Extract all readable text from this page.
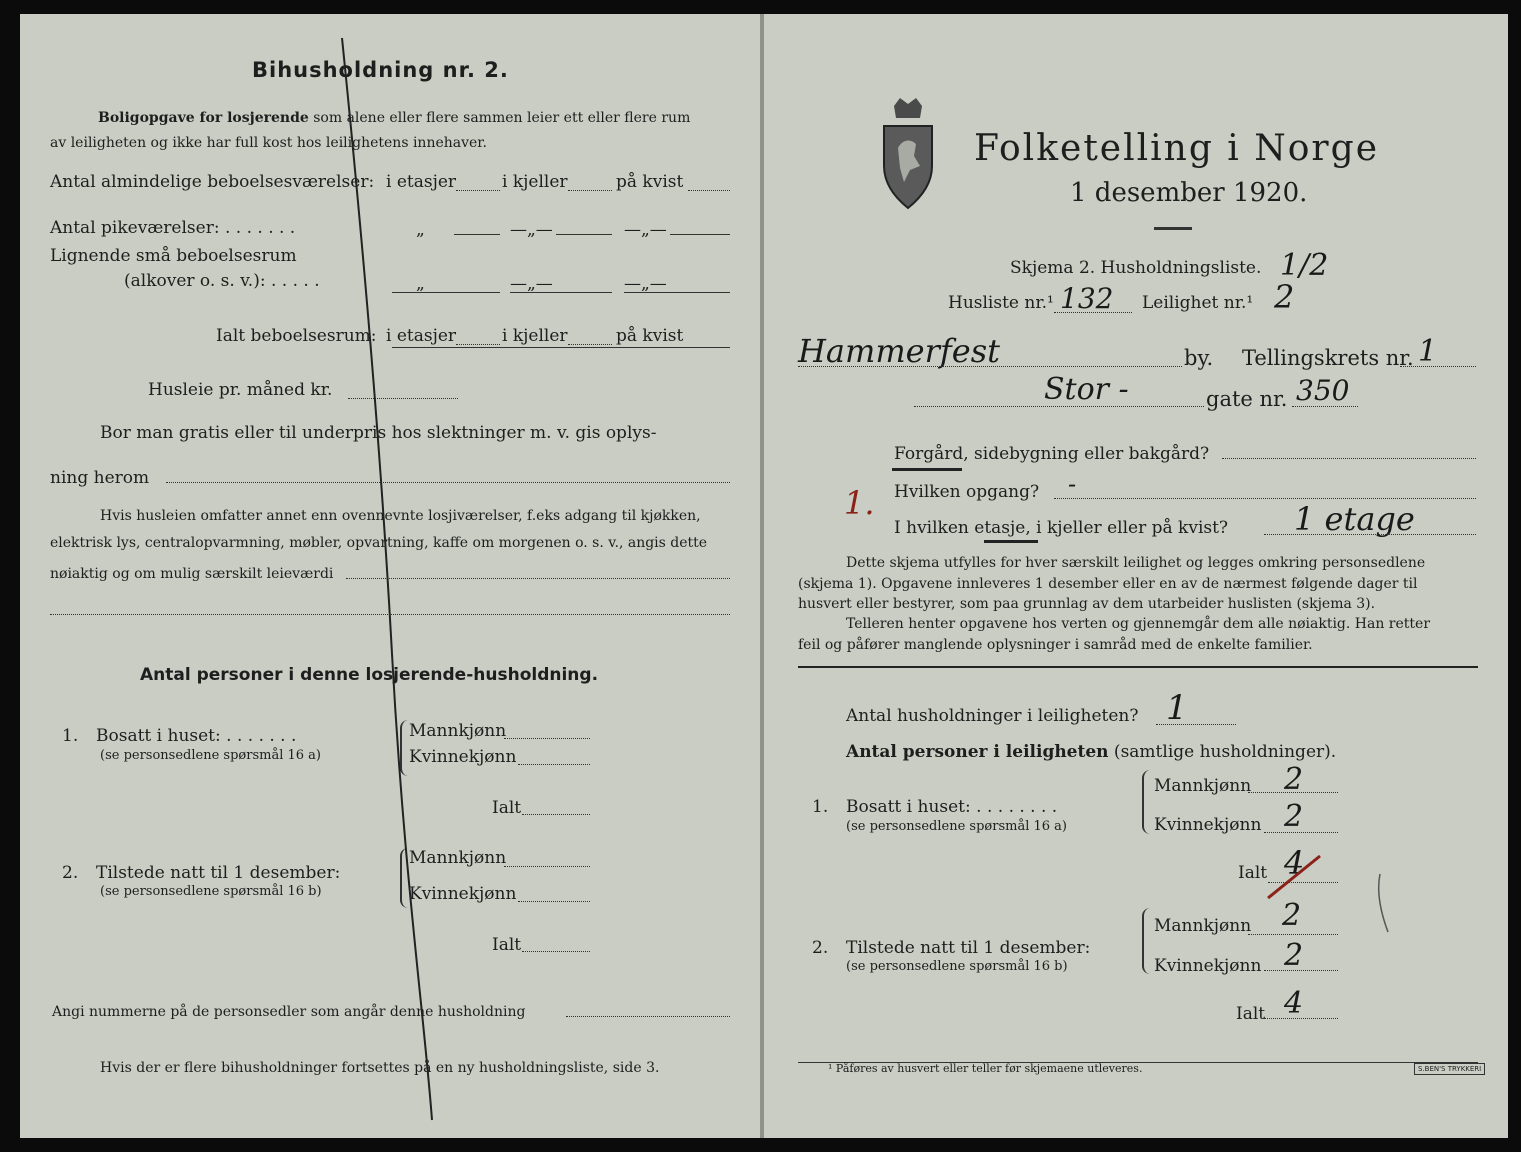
Bihusholdning nr. 2.
Boligopgave for losjerende som alene eller flere sammen leier ett eller flere rum
av leiligheten og ikke har full kost hos leilighetens innehaver.
Antal almindelige beboelsesværelser: i etasjer	i kjeller	på kvist
Antal pikeværelser: . . . . . . .	„	—„—	—„—
Lignende små beboelsesrum
(alkover o. s. v.): . . . . .	„	—„—	—„—
Ialt beboelsesrum: i etasjer	i kjeller	på kvist
Husleie pr. måned kr.
Bor man gratis eller til underpris hos slektninger m. v. gis oplys-
ning herom
Hvis husleien omfatter annet enn ovennevnte losjiværelser, f.eks adgang til kjøkken,
elektrisk lys, centralopvarmning, møbler, opvartning, kaffe om morgenen o. s. v., angis dette
nøiaktig og om mulig særskilt leieværdi
Antal personer i denne losjerende-husholdning.
1. Bosatt i huset: . . . . . . .
(se personsedlene spørsmål 16 a)
Mannkjønn
Kvinnekjønn
Ialt
2. Tilstede natt til 1 desember:
(se personsedlene spørsmål 16 b)
Mannkjønn
Kvinnekjønn
Ialt
Angi nummerne på de personsedler som angår denne husholdning
Hvis der er flere bihusholdninger fortsettes på en ny husholdningsliste, side 3.
Folketelling i Norge
1 desember 1920.
Skjema 2. Husholdningsliste. 1/2
Husliste nr.¹ 132 Leilighet nr.¹ 2
Hammerfest	by. Tellingskrets nr. 1
Stor -	gate nr. 350
Forgård, sidebygning eller bakgård?
Hvilken opgang? -
1.
I hvilken etasje, i kjeller eller på kvist? 1 etage
Dette skjema utfylles for hver særskilt leilighet og legges omkring personsedlene
(skjema 1). Opgavene innleveres 1 desember eller en av de nærmest følgende dager til
husvert eller bestyrer, som paa grunnlag av dem utarbeider huslisten (skjema 3).
Telleren henter opgavene hos verten og gjennemgår dem alle nøiaktig. Han retter
feil og påfører manglende oplysninger i samråd med de enkelte familier.
Antal husholdninger i leiligheten? 1
Antal personer i leiligheten (samtlige husholdninger).
1. Bosatt i huset: . . . . . . . .
(se personsedlene spørsmål 16 a)
Mannkjønn 2
Kvinnekjønn 2
Ialt 4
2. Tilstede natt til 1 desember:
(se personsedlene spørsmål 16 b)
Mannkjønn 2
Kvinnekjønn 2
Ialt 4
¹ Påføres av husvert eller teller før skjemaene utleveres.	S.BEN'S TRYKKERI
